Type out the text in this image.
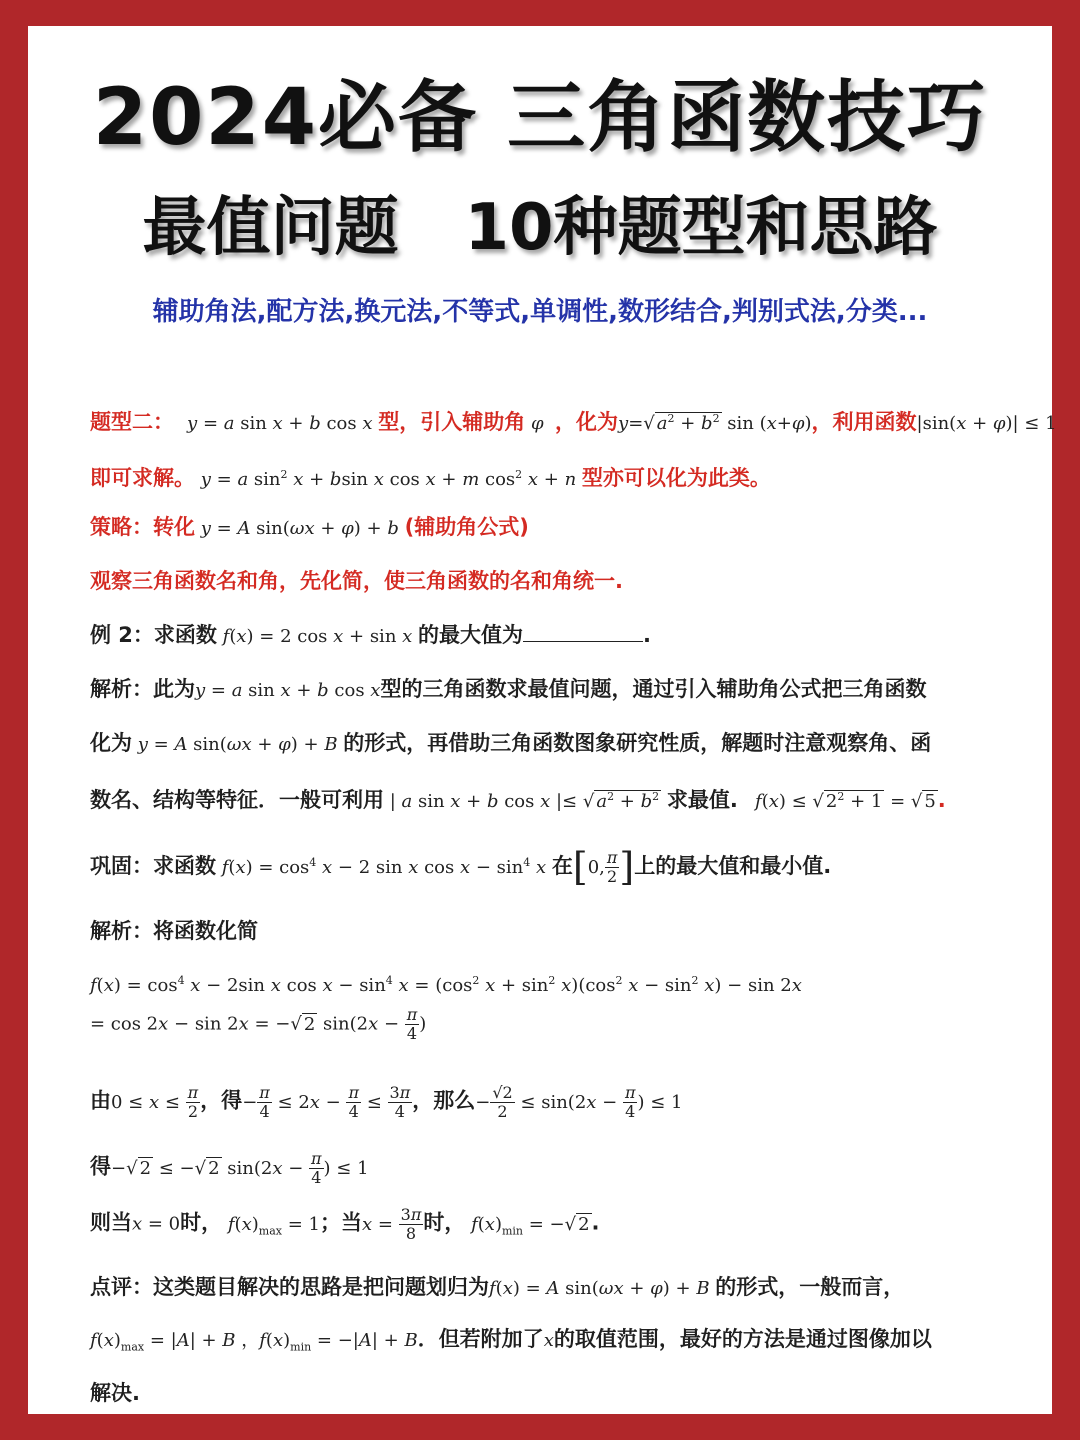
2024必备 三角函数技巧
最值问题 10种题型和思路
辅助角法,配方法,换元法,不等式,单调性,数形结合,判别式法,分类...
题型二： y = a sin x + b cos x 型，引入辅助角 φ ，化为y=√ $a^2 + b^2$ sin (x+φ)，利用函数|sin(x + φ)| ≤ 1
即可求解。 y = a $\sin^2 x + bsin$ x cos x + m $\cos^2 x + n$ 型亦可以化为此类。
策略：转化 y = A sin(ωx + φ) + b (辅助角公式)
观察三角函数名和角，先化简，使三角函数的名和角统一.
例 2：求函数 f(x) = 2 cos x + sin x 的最大值为	.
解析：此为y = a sin x + b cos x型的三角函数求最值问题，通过引入辅助角公式把三角函数
化为 y = A sin(ωx + φ) + B 的形式，再借助三角函数图象研究性质，解题时注意观察角、函
数名、结构等特征．一般可利用 | a sin x + b cos x |≤ √ $a^2 + b^2$ 求最值. f(x) ≤ √ $2^2 + 1$ = √ 5.
巩固：求函数 $f(x) = \cos^4 x - 2$ sin x $\cos x - \sin^4 x$ 在[0, $\frac{\pi}{2}$ ]上的最大值和最小值.
解析：将函数化简
$f(x) = \cos^4 x - 2\sin$ x $\cos x - \sin^4 x = (\cos^2$ $x + \sin^2 x)(\cos^2$ $x - \sin^2 x) - \sin 2x$
= cos 2x − sin 2x = −√ 2 $\sin(2x - \frac{\pi}{4}$ )
由$0 \le x \le \frac{\pi}{2}$ ，得− $\frac{\pi}{4} \le 2x - \frac{\pi}{4} \le \frac{3\pi}{4}$ ，那么− $\frac{√2}{2} \le \sin(2x - \frac{\pi}{4}$ ) ≤ 1
得−√ 2 ≤ −√ 2 $\sin(2x - \frac{\pi}{4}$ ) ≤ 1
则当x = 0时， $f(x)_{max} = 1$；当$x = \frac{3\pi}{8}$ 时， $f(x)_{min}$ = −√ 2.
点评：这类题目解决的思路是把问题划归为f(x) = A sin(ωx + φ) + B 的形式，一般而言，
$f(x)_{max} = |A| + B$ ，$f(x)_{min} = -|A| + B$．但若附加了x的取值范围，最好的方法是通过图像加以
解决.
